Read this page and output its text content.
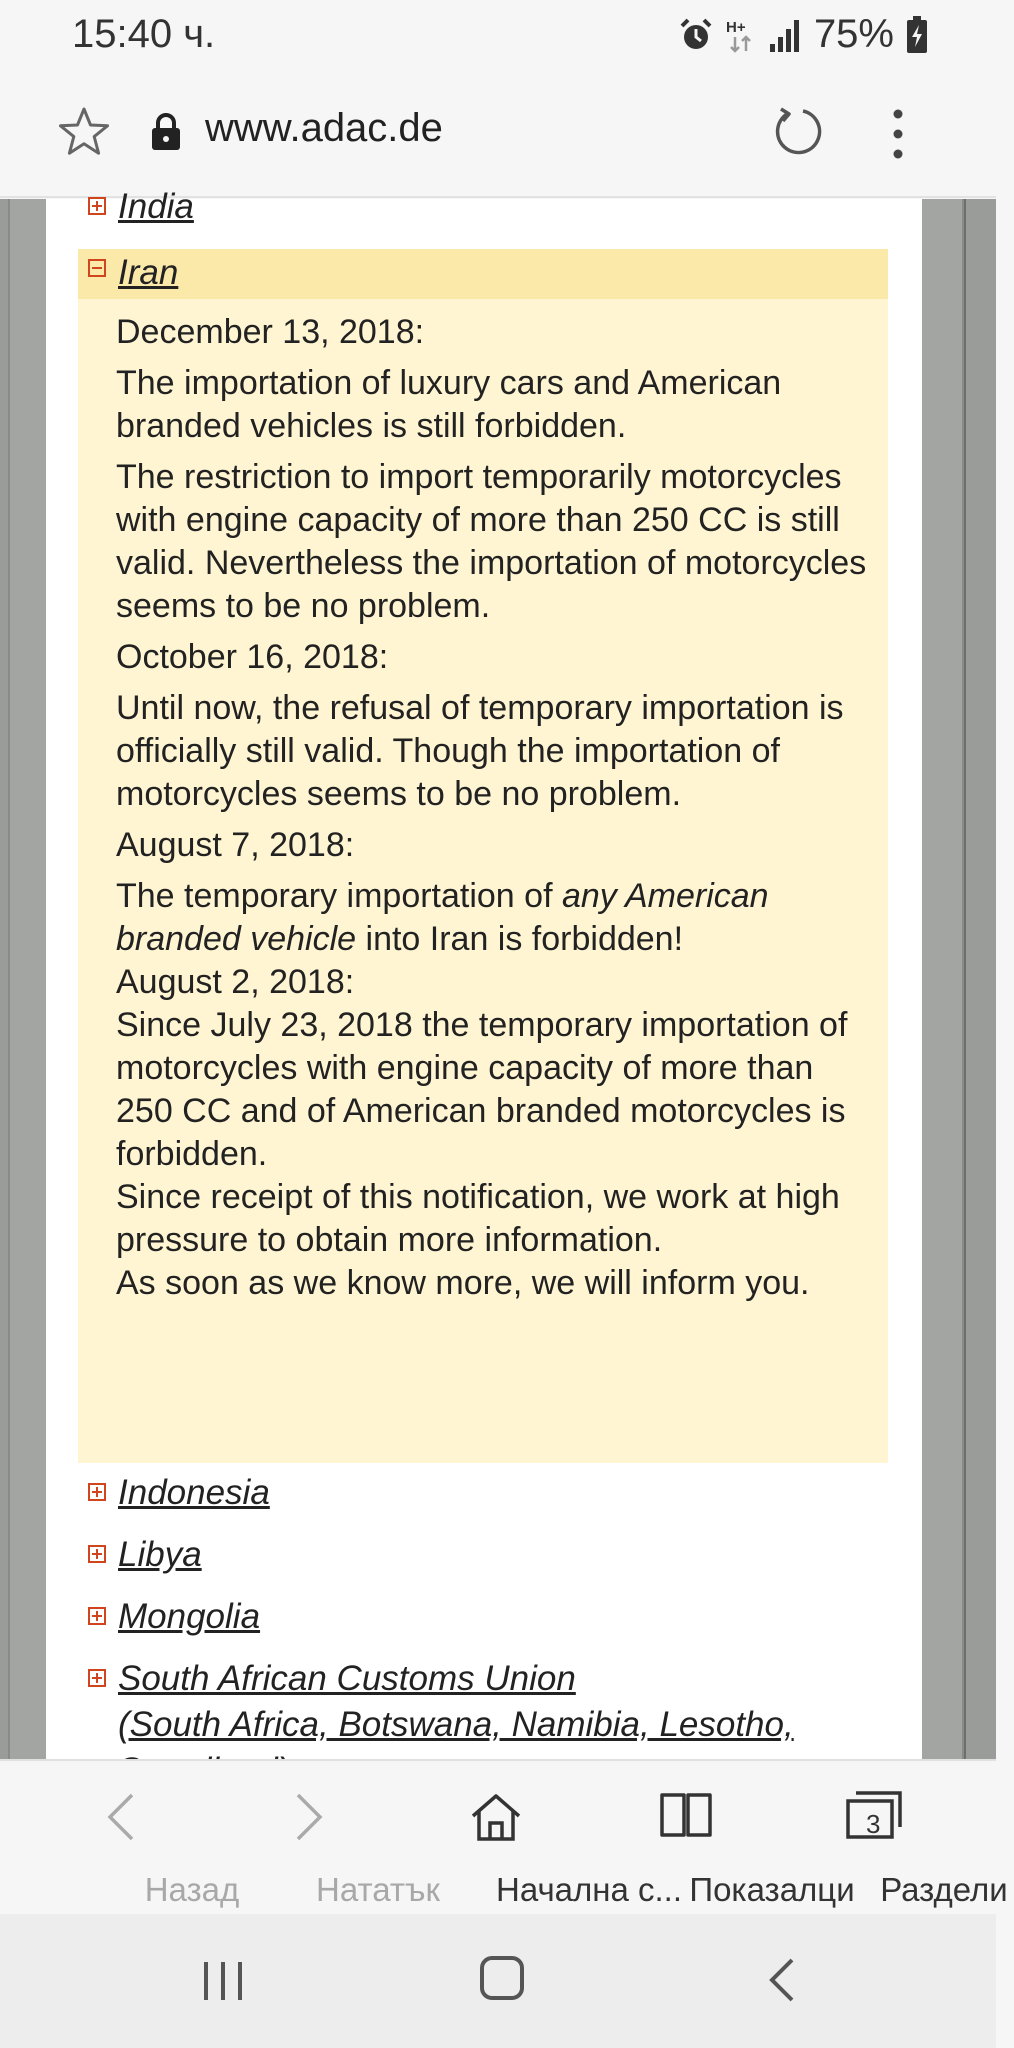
15:40 ч.	H+ 75%
www.adac.de
India
Iran

December 13, 2018:

The importation of luxury cars and American branded vehicles is still forbidden.

The restriction to import temporarily motorcycles with engine capacity of more than 250 CC is still valid. Nevertheless the importation of motorcycles seems to be no problem.

October 16, 2018:

Until now, the refusal of temporary importation is officially still valid. Though the importation of motorcycles seems to be no problem.

August 7, 2018:

The temporary importation of any American branded vehicle into Iran is forbidden!

August 2, 2018:

Since July 23, 2018 the temporary importation of motorcycles with engine capacity of more than 250 CC and of American branded motorcycles is forbidden.

Since receipt of this notification, we work at high pressure to obtain more information.

As soon as we know more, we will inform you.

Indonesia
Libya
Mongolia
South African Customs Union
(South Africa, Botswana, Namibia, Lesotho,
Назад	Нататък Начална с... Показалци
3
Раздели
